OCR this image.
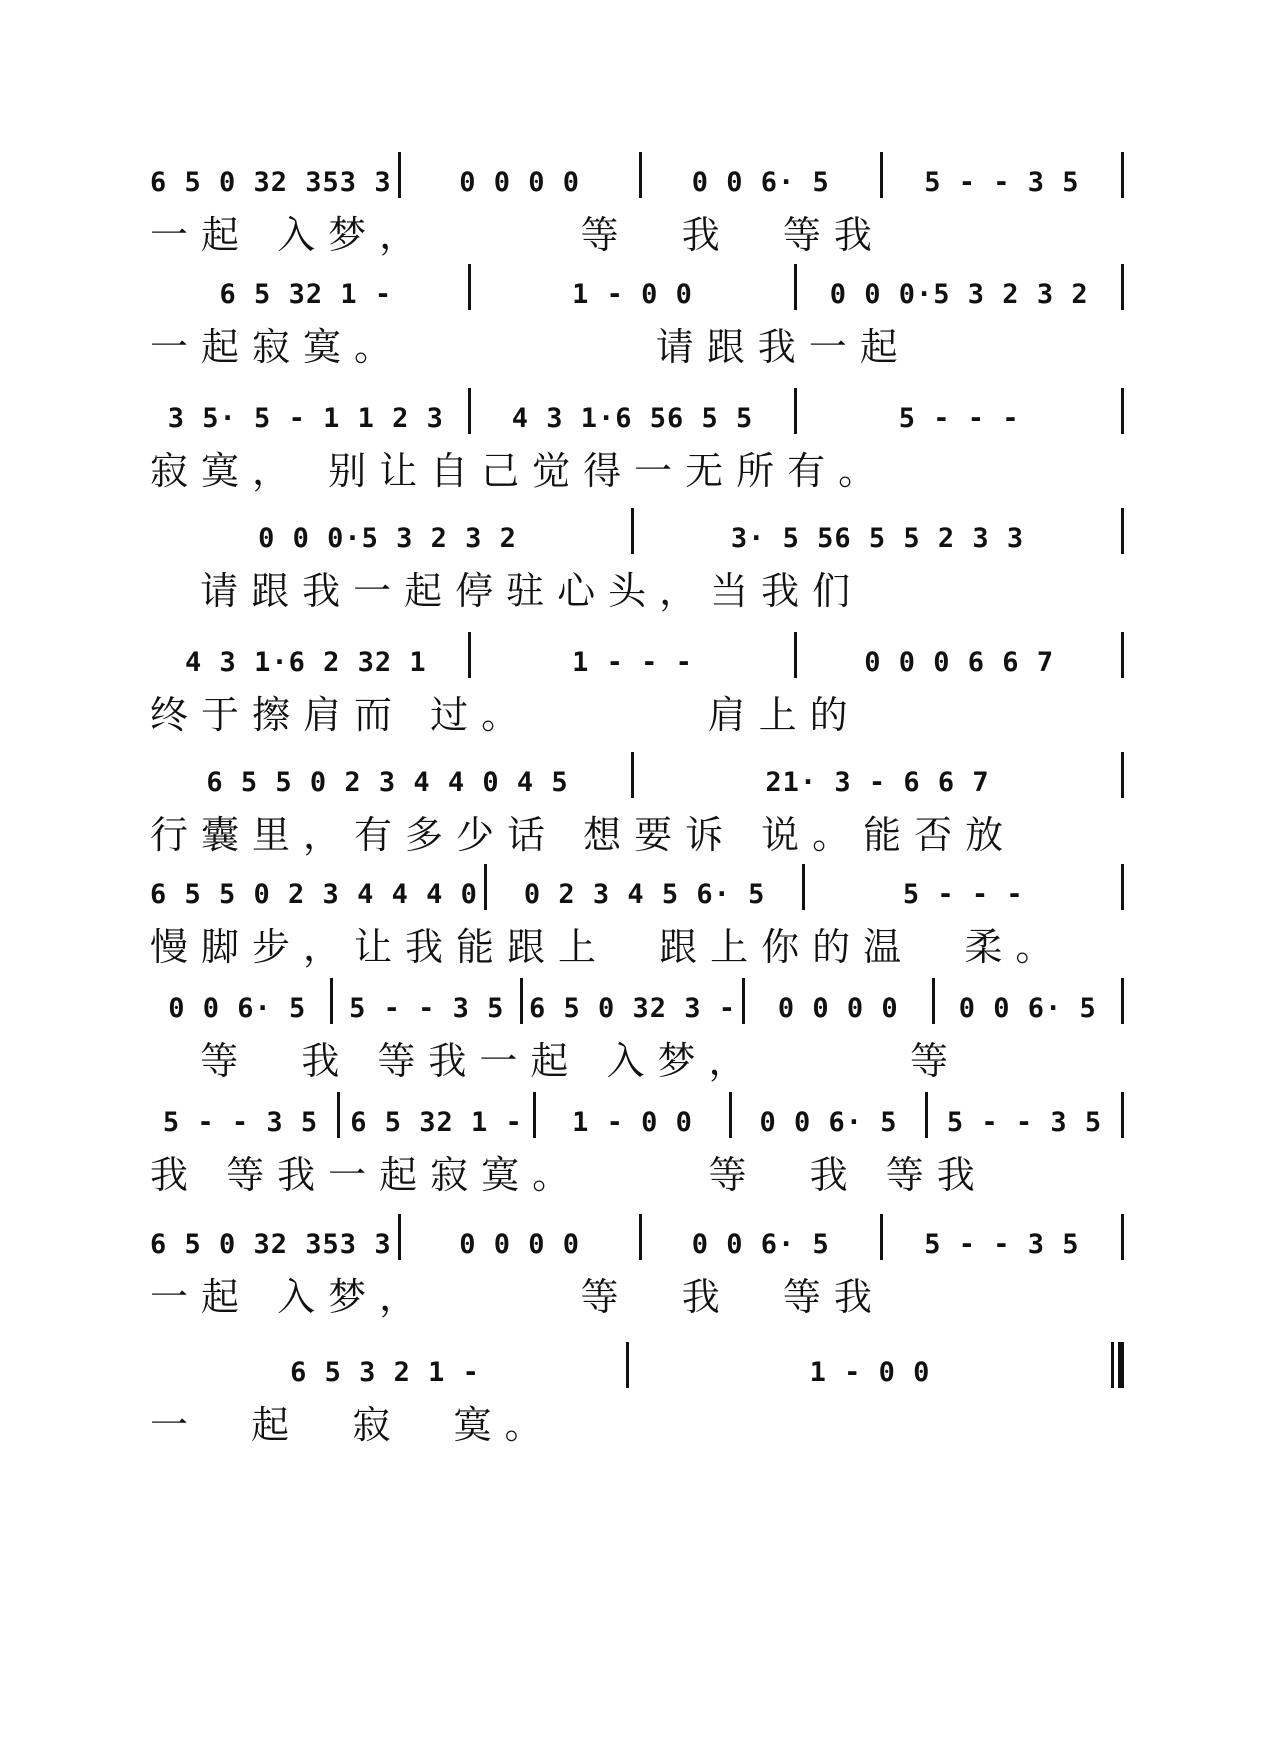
6 5 0 32 353 3	0 0 0 0	0 0 6· 5	5 - - 3 5
一起 入梦，      等  我  等我
6 5 32 1 -	1 - 0 0	0 0 0·5 3 2 3 2
一起寂寞。          请跟我一起
3 5· 5 - 1 1 2 3	4 3 1·6 56 5 5	5 - - -
寂寞， 别让自己觉得一无所有。
0 0 0·5 3 2 3 2	3· 5 56 5 5 2 3 3
请跟我一起停驻心头，当我们
4 3 1·6 2 32 1	1 - - -	0 0 0 6 6 7
终于擦肩而 过。       肩上的
6 5 5 0 2 3 4 4 0 4 5	21· 3 - 6 6 7
行囊里，有多少话 想要诉 说。能否放
6 5 5 0 2 3 4 4 4 0	0 2 3 4 5 6· 5	5 - - -
慢脚步，让我能跟上  跟上你的温  柔。
0 0 6· 5	5 - - 3 5 6 5 0 32 3 -	0 0 0 0	0 0 6· 5
等  我 等我一起 入梦，      等
5 - - 3 5	6 5 32 1 -	1 - 0 0	0 0 6· 5	5 - - 3 5
我 等我一起寂寞。     等  我 等我
6 5 0 32 353 3	0 0 0 0	0 0 6· 5	5 - - 3 5
一起 入梦，      等  我  等我
6 5 3 2 1 -	1 - 0 0
一  起  寂  寞。
